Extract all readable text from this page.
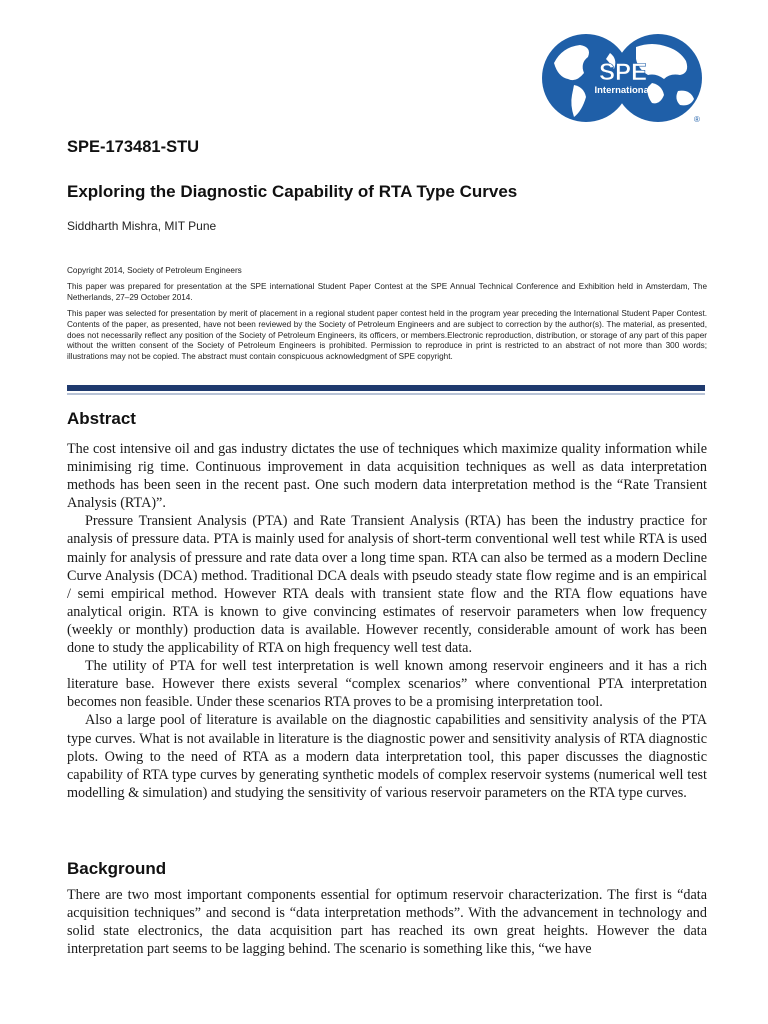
SPE
International
®
SPE-173481-STU
Exploring the Diagnostic Capability of RTA Type Curves
Siddharth Mishra, MIT Pune

Copyright 2014, Society of Petroleum Engineers

This paper was prepared for presentation at the SPE international Student Paper Contest at the SPE Annual Technical Conference and Exhibition held in Amsterdam, The Netherlands, 27–29 October 2014.

This paper was selected for presentation by merit of placement in a regional student paper contest held in the program year preceding the International Student Paper Contest. Contents of the paper, as presented, have not been reviewed by the Society of Petroleum Engineers and are subject to correction by the author(s). The material, as presented, does not necessarily reflect any position of the Society of Petroleum Engineers, its officers, or members.Electronic reproduction, distribution, or storage of any part of this paper without the written consent of the Society of Petroleum Engineers is prohibited. Permission to reproduce in print is restricted to an abstract of not more than 300 words; illustrations may not be copied. The abstract must contain conspicuous acknowledgment of SPE copyright.

Abstract

The cost intensive oil and gas industry dictates the use of techniques which maximize quality information while minimising rig time. Continuous improvement in data acquisition techniques as well as data interpretation methods has been seen in the recent past. One such modern data interpretation method is the “Rate Transient Analysis (RTA)”.

Pressure Transient Analysis (PTA) and Rate Transient Analysis (RTA) has been the industry practice for analysis of pressure data. PTA is mainly used for analysis of short-term conventional well test while RTA is used mainly for analysis of pressure and rate data over a long time span. RTA can also be termed as a modern Decline Curve Analysis (DCA) method. Traditional DCA deals with pseudo steady state flow regime and is an empirical / semi empirical method. However RTA deals with transient state flow and the RTA flow equations have analytical origin. RTA is known to give convincing estimates of reservoir parameters when low frequency (weekly or monthly) production data is available. However recently, considerable amount of work has been done to study the applicability of RTA on high frequency well test data.

The utility of PTA for well test interpretation is well known among reservoir engineers and it has a rich literature base. However there exists several “complex scenarios” where conventional PTA interpretation becomes non feasible. Under these scenarios RTA proves to be a promising interpretation tool.

Also a large pool of literature is available on the diagnostic capabilities and sensitivity analysis of the PTA type curves. What is not available in literature is the diagnostic power and sensitivity analysis of RTA diagnostic plots. Owing to the need of RTA as a modern data interpretation tool, this paper discusses the diagnostic capability of RTA type curves by generating synthetic models of complex reservoir systems (numerical well test modelling & simulation) and studying the sensitivity of various reservoir parameters on the RTA type curves.

Background

There are two most important components essential for optimum reservoir characterization. The first is “data acquisition techniques” and second is “data interpretation methods”. With the advancement in technology and solid state electronics, the data acquisition part has reached its own great heights. However the data interpretation part seems to be lagging behind. The scenario is something like this, “we have
